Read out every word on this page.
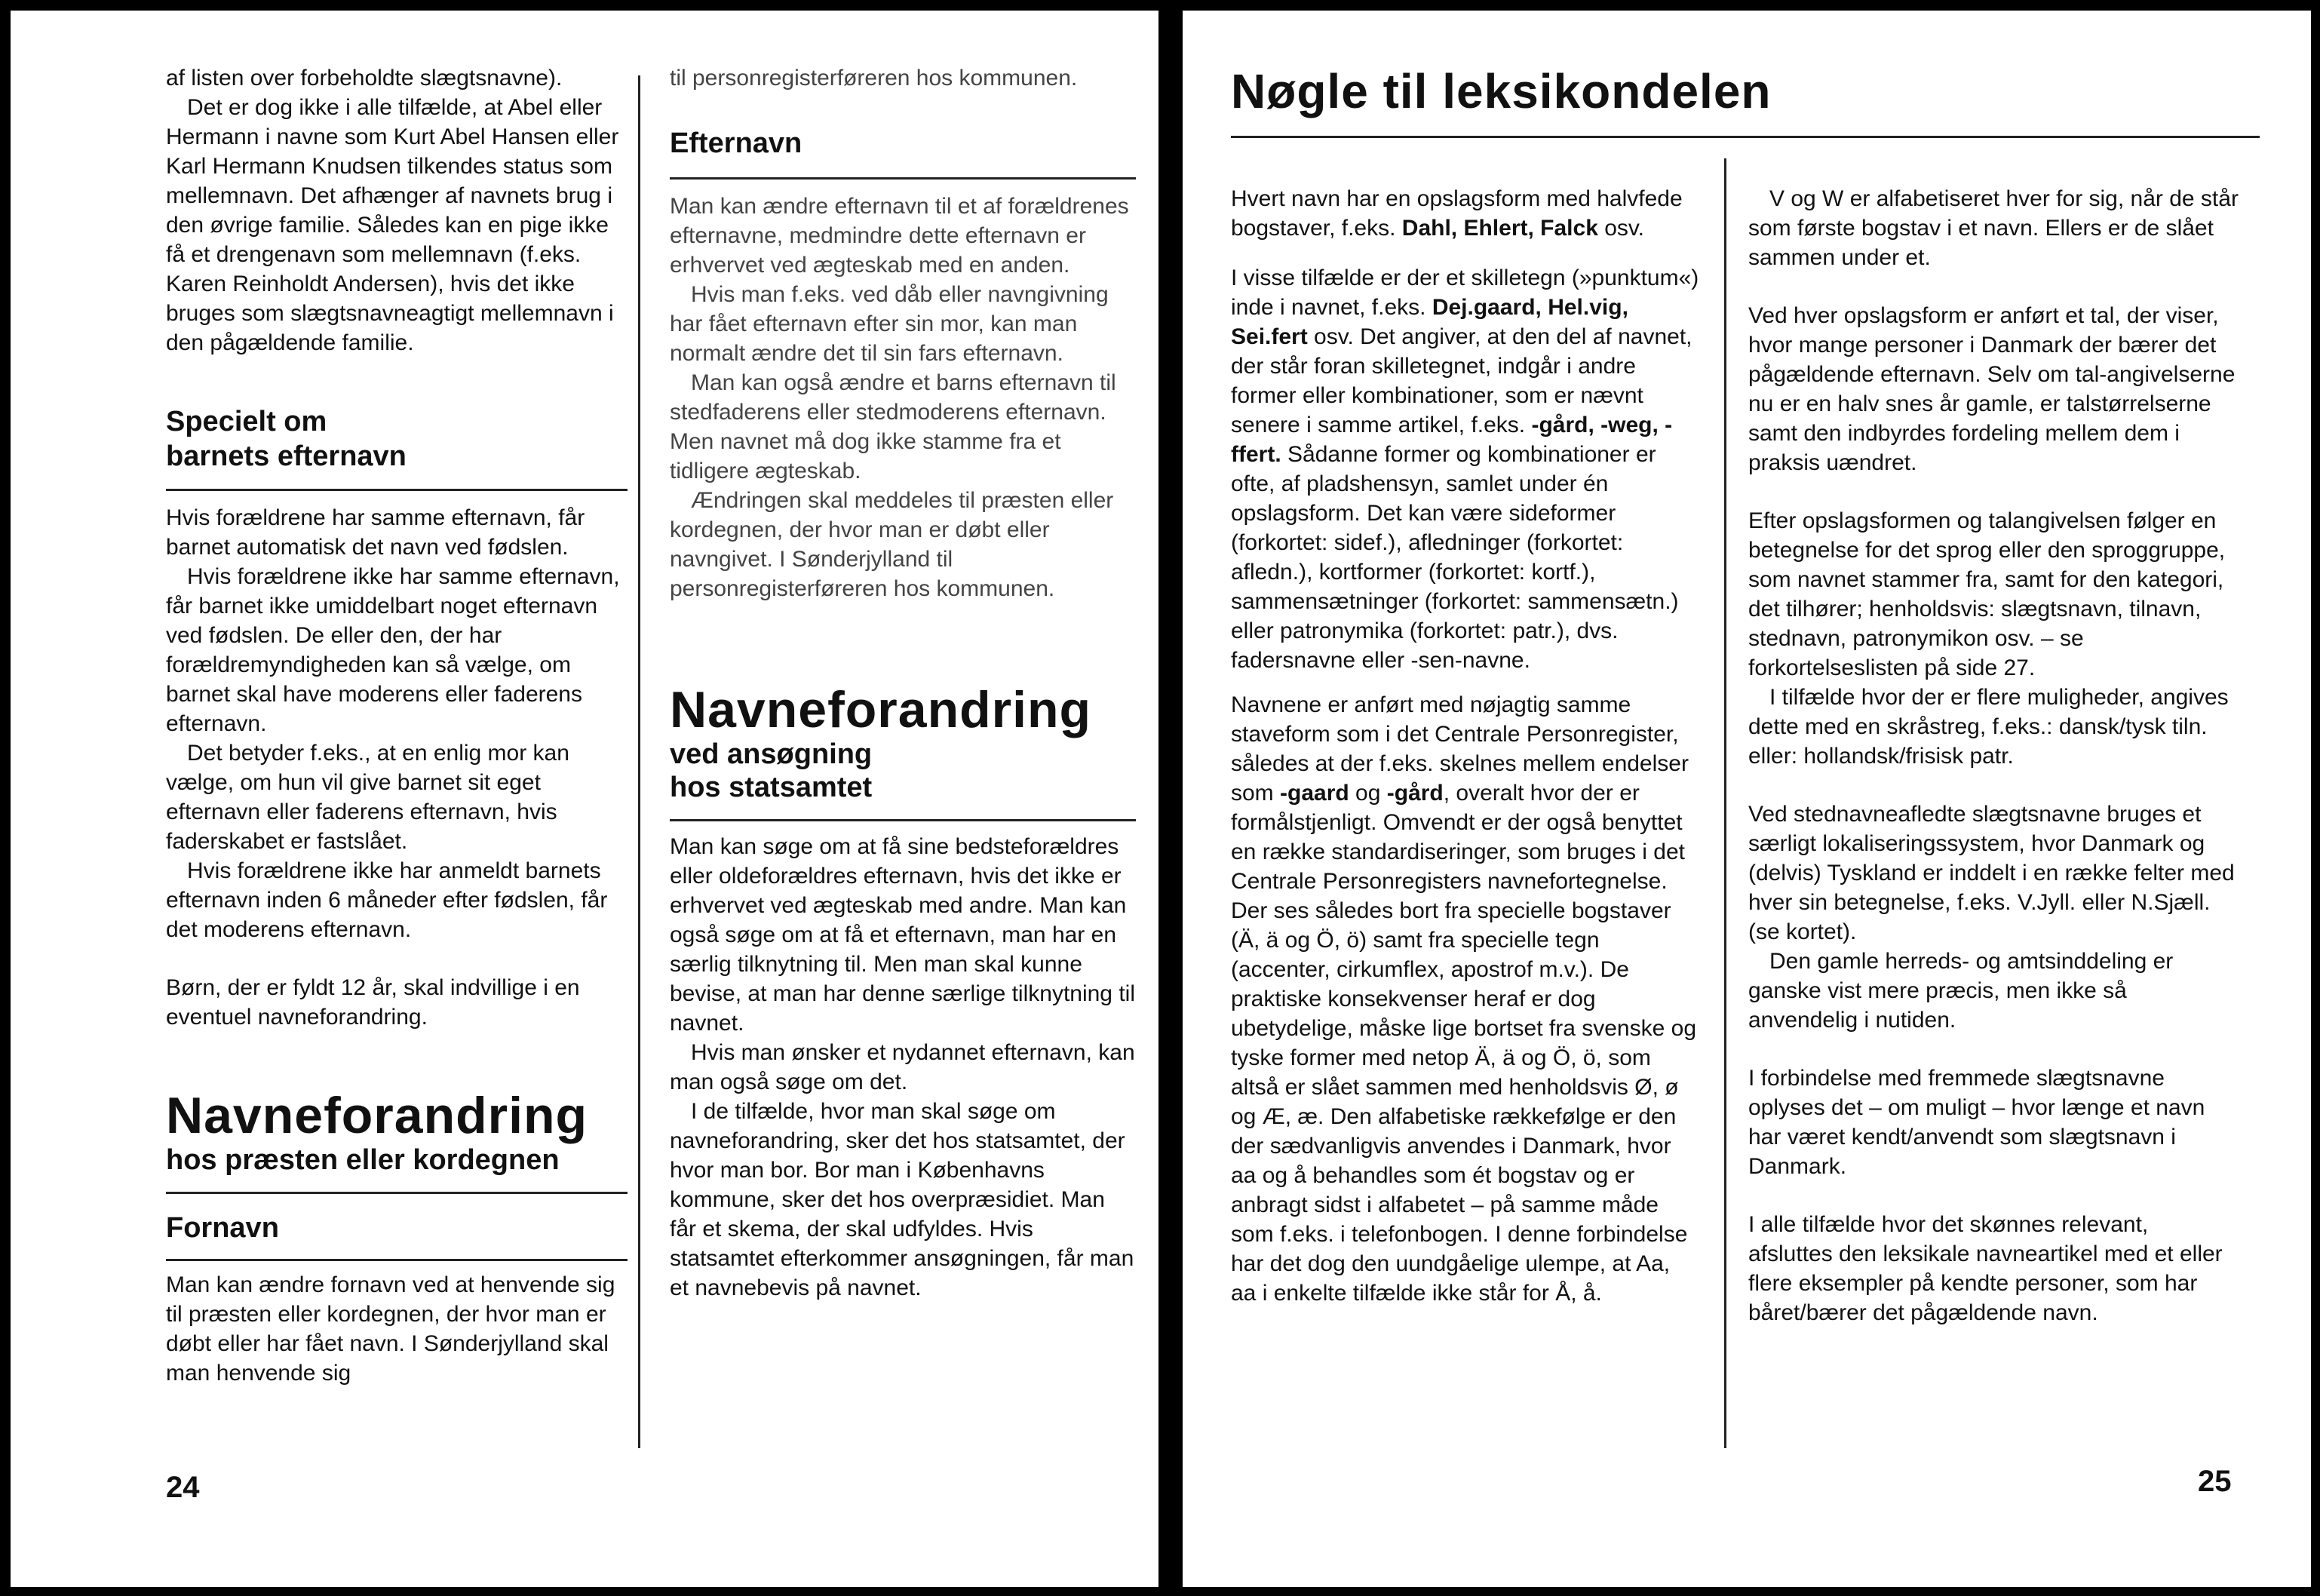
af listen over forbeholdte slægtsnavne).

Det er dog ikke i alle tilfælde, at Abel eller Hermann i navne som Kurt Abel Hansen eller Karl Hermann Knudsen tilkendes status som mellemnavn. Det afhænger af navnets brug i den øvrige familie. Således kan en pige ikke få et drengenavn som mellemnavn (f.eks. Karen Reinholdt Andersen), hvis det ikke bruges som slægtsnavneagtigt mellemnavn i den pågældende familie.

Specielt om

barnets efternavn

Hvis forældrene har samme efternavn, får barnet automatisk det navn ved fødslen.

Hvis forældrene ikke har samme efternavn, får barnet ikke umiddelbart noget efternavn ved fødslen. De eller den, der har forældremyndigheden kan så vælge, om barnet skal have moderens eller faderens efternavn.

Det betyder f.eks., at en enlig mor kan vælge, om hun vil give barnet sit eget efternavn eller faderens efternavn, hvis faderskabet er fastslået.

Hvis forældrene ikke har anmeldt barnets efternavn inden 6 måneder efter fødslen, får det moderens efternavn.

Børn, der er fyldt 12 år, skal indvillige i en eventuel navneforandring.

Navneforandring

hos præsten eller kordegnen

Fornavn

Man kan ændre fornavn ved at henvende sig til præsten eller kordegnen, der hvor man er døbt eller har fået navn. I Sønderjylland skal man henvende sig

til personregisterføreren hos kommunen.

Efternavn

Man kan ændre efternavn til et af forældrenes efternavne, medmindre dette efternavn er erhvervet ved ægteskab med en anden.

Hvis man f.eks. ved dåb eller navngivning har fået efternavn efter sin mor, kan man normalt ændre det til sin fars efternavn.

Man kan også ændre et barns efternavn til stedfaderens eller stedmoderens efternavn. Men navnet må dog ikke stamme fra et tidligere ægteskab.

Ændringen skal meddeles til præsten eller kordegnen, der hvor man er døbt eller navngivet. I Sønderjylland til personregisterføreren hos kommunen.

Navneforandring

ved ansøgning

hos statsamtet

Man kan søge om at få sine bedsteforældres eller oldeforældres efternavn, hvis det ikke er erhvervet ved ægteskab med andre. Man kan også søge om at få et efternavn, man har en særlig tilknytning til. Men man skal kunne bevise, at man har denne særlige tilknytning til navnet.

Hvis man ønsker et nydannet efternavn, kan man også søge om det.

I de tilfælde, hvor man skal søge om navneforandring, sker det hos statsamtet, der hvor man bor. Bor man i Københavns kommune, sker det hos overpræsidiet. Man får et skema, der skal udfyldes. Hvis statsamtet efterkommer ansøgningen, får man et navnebevis på navnet.

24
Nøgle til leksikondelen

Hvert navn har en opslagsform med halvfede bogstaver, f.eks. Dahl, Ehlert, Falck osv.

I visse tilfælde er der et skilletegn (»punktum«) inde i navnet, f.eks. Dej.gaard, Hel.vig, Sei.fert osv. Det angiver, at den del af navnet, der står foran skilletegnet, indgår i andre former eller kombinationer, som er nævnt senere i samme artikel, f.eks. -gård, -weg, -ffert. Sådanne former og kombinationer er ofte, af pladshensyn, samlet under én opslagsform. Det kan være sideformer (forkortet: sidef.), afledninger (forkortet: afledn.), kortformer (forkortet: kortf.), sammensætninger (forkortet: sammensætn.) eller patronymika (forkortet: patr.), dvs. fadersnavne eller -sen-navne.

Navnene er anført med nøjagtig samme staveform som i det Centrale Personregister, således at der f.eks. skelnes mellem endelser som -gaard og -gård, overalt hvor der er formålstjenligt. Omvendt er der også benyttet en række standardiseringer, som bruges i det Centrale Personregisters navnefortegnelse. Der ses således bort fra specielle bogstaver (Ä, ä og Ö, ö) samt fra specielle tegn (accenter, cirkumflex, apostrof m.v.). De praktiske konsekvenser heraf er dog ubetydelige, måske lige bortset fra svenske og tyske former med netop Ä, ä og Ö, ö, som altså er slået sammen med henholdsvis Ø, ø og Æ, æ. Den alfabetiske rækkefølge er den der sædvanligvis anvendes i Danmark, hvor aa og å behandles som ét bogstav og er anbragt sidst i alfabetet – på samme måde som f.eks. i telefonbogen. I denne forbindelse har det dog den uundgåelige ulempe, at Aa, aa i enkelte tilfælde ikke står for Å, å.

V og W er alfabetiseret hver for sig, når de står som første bogstav i et navn. Ellers er de slået sammen under et.

Ved hver opslagsform er anført et tal, der viser, hvor mange personer i Danmark der bærer det pågældende efternavn. Selv om tal-angivelserne nu er en halv snes år gamle, er talstørrelserne samt den indbyrdes fordeling mellem dem i praksis uændret.

Efter opslagsformen og talangivelsen følger en betegnelse for det sprog eller den sproggruppe, som navnet stammer fra, samt for den kategori, det tilhører; henholdsvis: slægtsnavn, tilnavn, stednavn, patronymikon osv. – se forkortelseslisten på side 27.

I tilfælde hvor der er flere muligheder, angives dette med en skråstreg, f.eks.: dansk/tysk tiln. eller: hollandsk/frisisk patr.

Ved stednavneafledte slægtsnavne bruges et særligt lokaliseringssystem, hvor Danmark og (delvis) Tyskland er inddelt i en række felter med hver sin betegnelse, f.eks. V.Jyll. eller N.Sjæll. (se kortet).

Den gamle herreds- og amtsinddeling er ganske vist mere præcis, men ikke så anvendelig i nutiden.

I forbindelse med fremmede slægtsnavne oplyses det – om muligt – hvor længe et navn har været kendt/anvendt som slægtsnavn i Danmark.

I alle tilfælde hvor det skønnes relevant, afsluttes den leksikale navneartikel med et eller flere eksempler på kendte personer, som har båret/bærer det pågældende navn.

25
